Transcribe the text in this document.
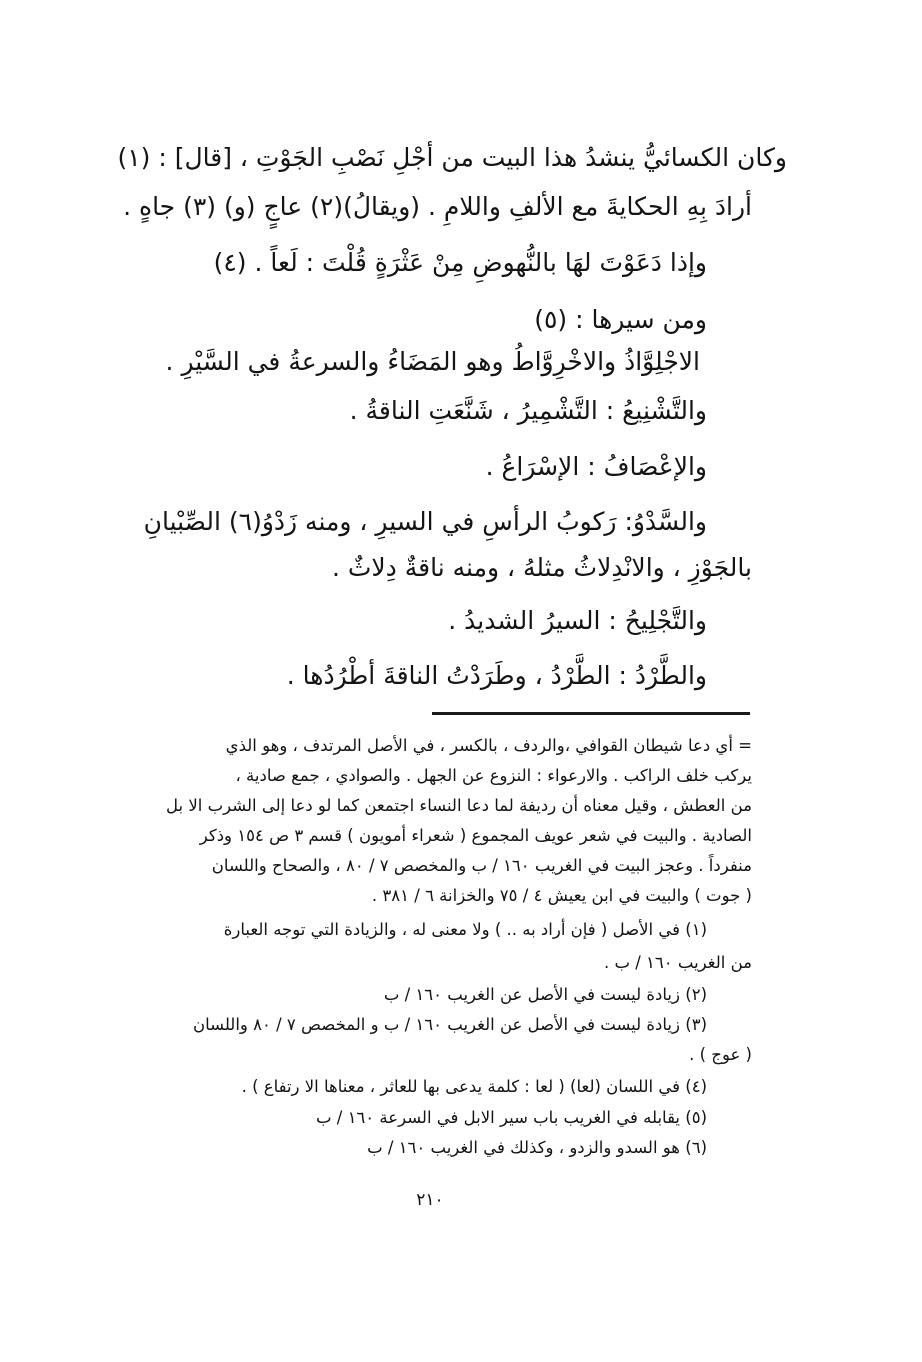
وكان الكسائيُّ ينشدُ هذا البيت من أجْلِ نَصْبِ الجَوْتِ ، [قال] : (١)
أرادَ بِهِ الحكايةَ مع الألفِ واللامِ . (ويقالُ)(٢) عاجٍ (و) (٣) جاهٍ .
وإذا دَعَوْتَ لهَا بالنُّهوضِ مِنْ عَثْرَةٍ قُلْتَ : لَعاً . (٤)
ومن سيرها : (٥)
الاجْلِوَّاذُ والاخْرِوَّاطُ وهو المَضَاءُ والسرعةُ في السَّيْرِ .
والتَّشْنِيعُ : التَّشْمِيرُ ، شَنَّعَتِ الناقةُ .
والإعْصَافُ : الإسْرَاعُ .
والسَّدْوُ: رَكوبُ الرأسِ في السيرِ ، ومنه زَدْوُ(٦) الصِّبْيانِ
بالجَوْزِ ، والانْدِلاثُ مثلهُ ، ومنه ناقةٌ دِلاثٌ .
والتَّجْلِيحُ : السيرُ الشديدُ .
والطَّرْدُ : الطَّرْدُ ، وطَرَدْتُ الناقةَ أطْرُدُها .
= أي دعا شيطان القوافي ،والردف ، بالكسر ، في الأصل المرتدف ، وهو الذي
يركب خلف الراكب . والارعواء : النزوع عن الجهل . والصوادي ، جمع صادية ،
من العطش ، وقيل معناه أن رديفة لما دعا النساء اجتمعن كما لو دعا إلى الشرب الا بل
الصادية . والبيت في شعر عويف المجموع ( شعراء أمويون ) قسم ٣ ص ١٥٤ وذكر
منفرداً . وعجز البيت في الغريب ١٦٠ / ب والمخصص ٧ / ٨٠ ، والصحاح واللسان
( جوت ) والبيت في ابن يعيش ٤ / ٧٥ والخزانة ٦ / ٣٨١ .
(١) في الأصل ( فإن أراد به .. ) ولا معنى له ، والزيادة التي توجه العبارة
من الغريب ١٦٠ / ب .
(٢) زيادة ليست في الأصل عن الغريب ١٦٠ / ب
(٣) زيادة ليست في الأصل عن الغريب ١٦٠ / ب و المخصص ٧ / ٨٠ واللسان
( عوج ) .
(٤) في اللسان (لعا) ( لعا : كلمة يدعى بها للعاثر ، معناها الا رتفاع ) .
(٥) يقابله في الغريب باب سير الابل في السرعة ١٦٠ / ب
(٦) هو السدو والزدو ، وكذلك في الغريب ١٦٠ / ب
٢١٠
